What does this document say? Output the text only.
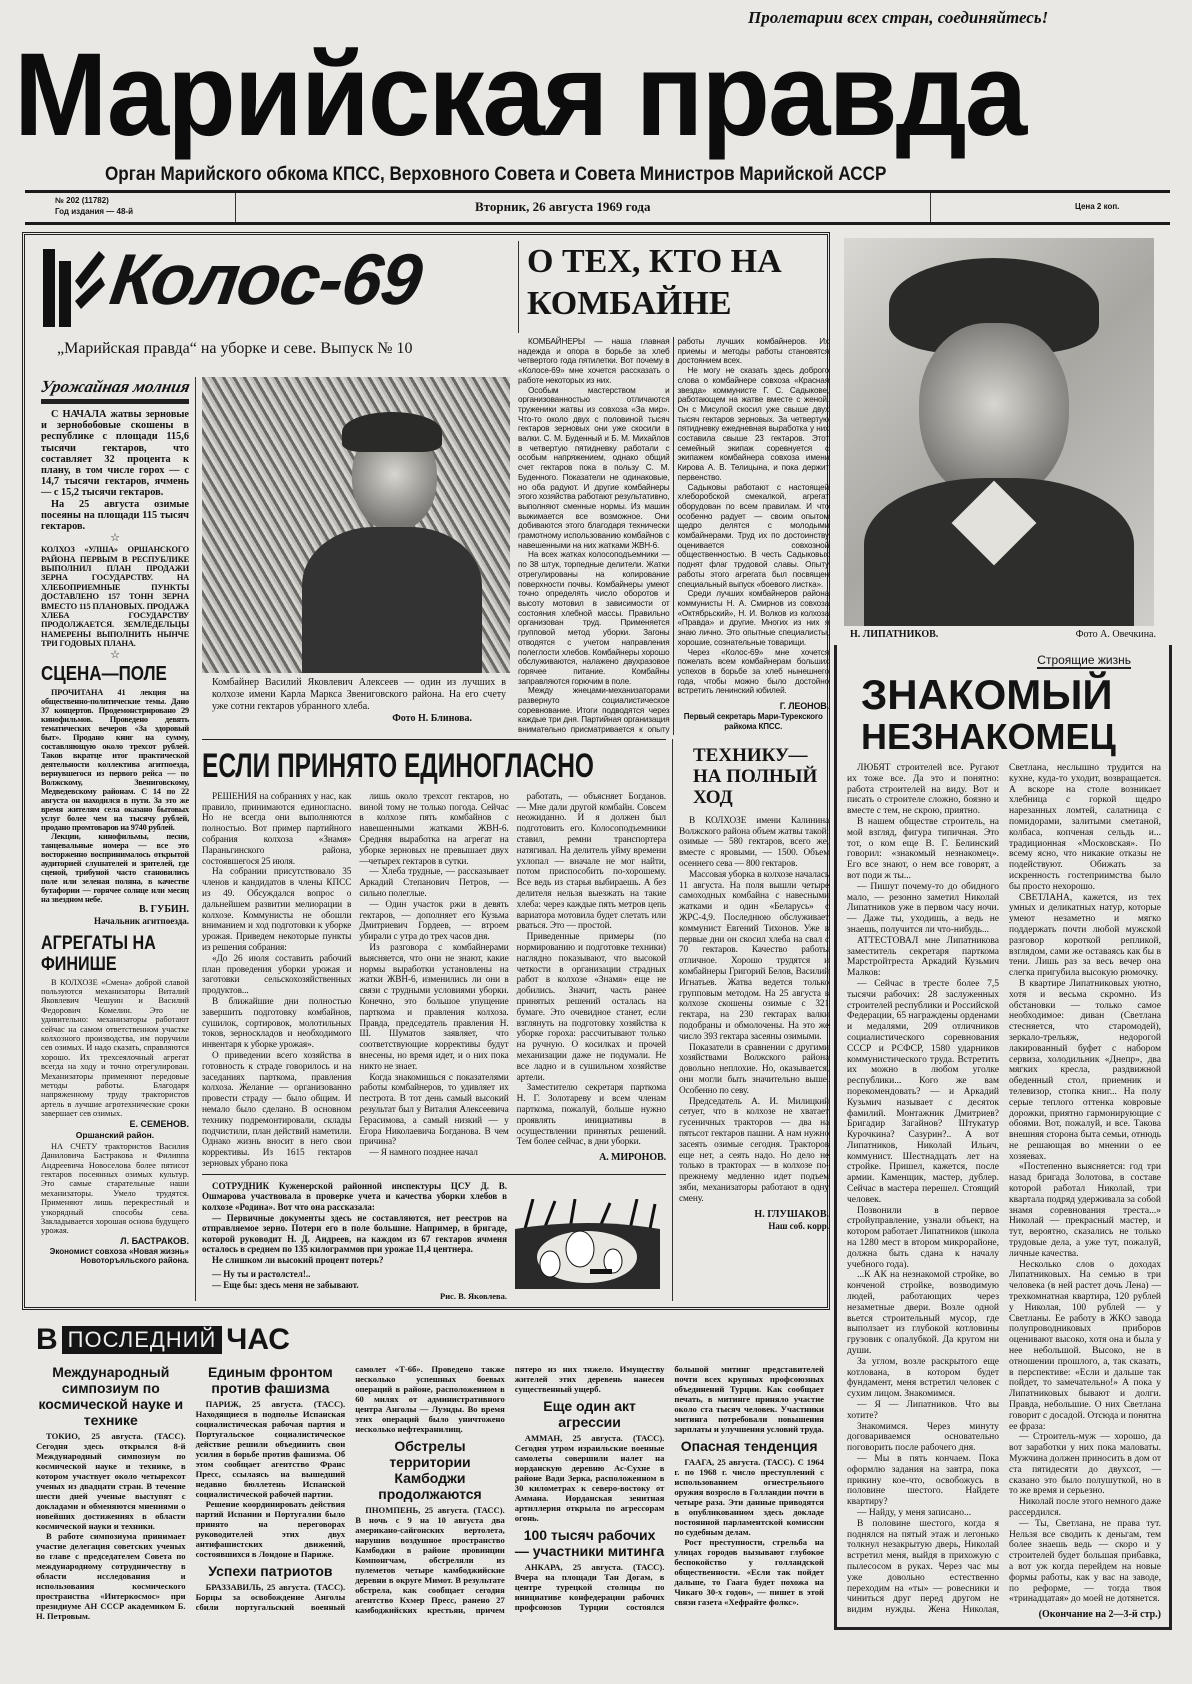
Пролетарии всех стран, соединяйтесь!
Марийская правда
Орган Марийского обкома КПСС, Верховного Совета и Совета Министров Марийской АССР
№ 202 (11782)
Год издания — 48-й	Вторник, 26 августа 1969 года	Цена 2 коп.
Колос-69	О ТЕХ, КТО НА КОМБАЙНЕ
„Марийская правда“ на уборке и севе. Выпуск № 10	КОМБАЙНЕРЫ — наша главная надежда и опора в борьбе за хлеб четвертого года пятилетки. Вот почему в «Колосе-69» мне хочется рассказать о работе некоторых из них.

Особым мастерством и организованностью отличаются труженики жатвы из совхоза «За мир». Что-то около двух с половиной тысяч гектаров зерновых они уже скосили в валки. С. М. Буденный и Б. М. Михайлов в четвертую пятидневку работали с особым напряжением, однако общий счет гектаров пока в пользу С. М. Буденного. Показатели не одинаковые, но оба радуют. И другие комбайнеры этого хозяйства работают результативно, выполняют сменные нормы. Из машин выжимается все возможное. Они добиваются этого благодаря технически грамотному использованию комбайнов с навешенными на них жатками ЖВН-6.

На всех жатках колосоподъемники — по 38 штук, торпедные делители. Жатки отрегулированы на копирование поверхности почвы. Комбайнеры умеют точно определять число оборотов и высоту мотовил в зависимости от состояния хлебной массы. Правильно организован труд. Применяется групповой метод уборки. Загоны отводятся с учетом направления полеглости хлебов. Комбайнеры хорошо обслуживаются, налажено двухразовое горячее питание. Комбайны заправляются горючим в поле.

Между жнецами-механизаторами развернуто социалистическое соревнование. Итоги подводятся через каждые три дня. Партийная организация внимательно присматривается к опыту работы лучших комбайнеров. Их приемы и методы работы становятся достоянием всех.

Не могу не сказать здесь доброго слова о комбайнере совхоза «Красная звезда» коммунисте Г. С. Садыкове, работающем на жатве вместе с женой. Он с Мисулой скосил уже свыше двух тысяч гектаров зерновых. За четвертую пятидневку ежедневная выработка у них составила свыше 23 гектаров. Этот семейный экипаж соревнуется с экипажем комбайнера совхоза имени Кирова А. В. Телицына, и пока держит первенство.

Садыковы работают с настоящей хлеборобской смекалкой, агрегат оборудован по всем правилам. И что особенно радует — своим опытом щедро делятся с молодыми комбайнерами. Труд их по достоинству оценивается совхозной общественностью. В честь Садыковых поднят флаг трудовой славы. Опыту работы этого агрегата был посвящен специальный выпуск «боевого листка».

Среди лучших комбайнеров района коммунисты Н. А. Смирнов из совхоза «Октябрьский», Н. И. Волков из колхоза «Правда» и другие. Многих из них я знаю лично. Это опытные специалисты, хорошие, сознательные товарищи.

Через «Колос-69» мне хочется пожелать всем комбайнерам больших успехов в борьбе за хлеб нынешнего года, чтобы можно было достойно встретить ленинский юбилей.

Г. ЛЕОНОВ.
Первый секретарь Мари-Турекского райкома КПСС.
Урожайная молния

С НАЧАЛА жатвы зерновые и зернобобовые скошены в республике с площади 115,6 тысячи гектаров, что составляет 32 процента к плану, в том числе горох — с 14,7 тысячи гектаров, ячмень — с 15,2 тысячи гектаров.

На 25 августа озимые посеяны на площади 115 тысяч гектаров.

☆
КОЛХОЗ «УЛША» ОРШАНСКОГО РАЙОНА ПЕРВЫМ В РЕСПУБЛИКЕ ВЫПОЛНИЛ ПЛАН ПРОДАЖИ ЗЕРНА ГОСУДАРСТВУ. НА ХЛЕБОПРИЕМНЫЕ ПУНКТЫ ДОСТАВЛЕНО 157 ТОНН ЗЕРНА ВМЕСТО 115 ПЛАНОВЫХ. ПРОДАЖА ХЛЕБА ГОСУДАРСТВУ ПРОДОЛЖАЕТСЯ. ЗЕМЛЕДЕЛЬЦЫ НАМЕРЕНЫ ВЫПОЛНИТЬ НЫНЧЕ ТРИ ГОДОВЫХ ПЛАНА.
☆
СЦЕНА—ПОЛЕ

ПРОЧИТАНА 41 лекция на общественно-политические темы. Дано 37 концертов. Продемонстрировано 29 кинофильмов. Проведено девять тематических вечеров «За здоровый быт». Продано книг на сумму, составляющую около трехсот рублей. Таков вкратце итог практической деятельности коллектива агитпоезда, вернувшегося из первого рейса — по Волжскому, Звениговскому, Медведевскому районам. С 14 по 22 августа он находился в пути. За это же время жителям села оказано бытовых услуг более чем на тысячу рублей, продано промтоваров на 9740 рублей.

Лекции, кинофильмы, песни, танцевальные номера — все это восторженно воспринималось открытой аудиторией слушателей и зрителей, где сценой, трибуной часто становились поле или зеленая поляна, в качестве бутафории — горячее солнце или месяц на звездном небе.

В. ГУБИН.
Начальник агитпоезда.
АГРЕГАТЫ НА ФИНИШЕ

В КОЛХОЗЕ «Смена» доброй славой пользуются механизаторы Виталий Яковлевич Чешуин и Василий Федорович Комелин. Это не удивительно: механизаторы работают сейчас на самом ответственном участке колхозного производства, им поручили сев озимых. И надо сказать, справляются хорошо. Их трехсеялочный агрегат всегда на ходу и точно отрегулирован. Механизаторы применяют передовые методы работы. Благодаря напряженному труду трактористов артель в лучшие агротехнические сроки завершает сев озимых.

Е. СЕМЕНОВ.
Оршанский район.

НА СЧЕТУ трактористов Василия Даниловича Бастракова и Филиппа Андреевича Новоселова более пятисот гектаров посеянных озимых культур. Это самые старательные наши механизаторы. Умело трудятся. Применяют лишь перекрестный и узкорядный способы сева. Закладывается хорошая основа будущего урожая.

Л. БАСТРАКОВ.
Экономист совхоза «Новая жизнь» Новоторъяльского района.
Комбайнер Василий Яковлевич Алексеев — один из лучших в колхозе имени Карла Маркса Звениговского района. На его счету уже сотни гектаров убранного хлеба.
Фото Н. Блинова.
ЕСЛИ ПРИНЯТО ЕДИНОГЛАСНО

РЕШЕНИЯ на собраниях у нас, как правило, принимаются единогласно. Но не всегда они выполняются полностью. Вот пример партийного собрания колхоза «Знамя» Параньгинского района, состоявшегося 25 июля.

На собрании присутствовало 35 членов и кандидатов в члены КПСС из 49. Обсуждался вопрос о дальнейшем развитии мелиорации в колхозе. Коммунисты не обошли вниманием и ход подготовки к уборке урожая. Приведем некоторые пункты из решения собрания:

«До 26 июля составить рабочий план проведения уборки урожая и заготовки сельскохозяйственных продуктов...

В ближайшие дни полностью завершить подготовку комбайнов, сушилок, сортировок, молотильных токов, зерноскладов и необходимого инвентаря к уборке урожая».

О приведении всего хозяйства в готовность к страде говорилось и на заседаниях парткома, правления колхоза. Желание — организованно провести страду — было общим. И немало было сделано. В основном технику подремонтировали, склады подчистили, план действий наметили. Однако жизнь вносит в него свои коррективы. Из 1615 гектаров зерновых убрано пока

лишь около трехсот гектаров, но виной тому не только погода. Сейчас в колхозе пять комбайнов с навешенными жатками ЖВН-6. Средняя выработка на агрегат на уборке зерновых не превышает двух—четырех гектаров в сутки.

— Хлеба трудные, — рассказывает Аркадий Степанович Петров, — сильно полеглые.

— Один участок ржи в девять гектаров, — дополняет его Кузьма Дмитриевич Гордеев, — втроем убирали с утра до трех часов дня.

Из разговора с комбайнерами выясняется, что они не знают, какие нормы выработки установлены на жатки ЖВН-6, изменились ли они в связи с трудными условиями уборки. Конечно, это большое упущение парткома и правления колхоза. Правда, председатель правления Н. Ш. Шуматов заявляет, что соответствующие коррективы будут внесены, но время идет, и о них пока никто не знает.

Когда знакомишься с показателями работы комбайнеров, то удивляет их пестрота. В тот день самый высокий результат был у Виталия Алексеевича Герасимова, а самый низкий — у Егора Николаевича Богданова. В чем причина?

— Я намного позднее начал

работать, — объясняет Богданов. — Мне дали другой комбайн. Совсем неожиданно. И я должен был подготовить его. Колосоподъемники ставил, ремни транспортера натягивал. На делитель уйму времени ухлопал — вначале не мог найти, потом приспособить по-хорошему. Все ведь из старья выбираешь. А без делителя нельзя выезжать на такие хлеба: через каждые пять метров цепь вариатора мотовила будет слетать или рваться. Это — простой.

Приведенные примеры (по нормированию и подготовке техники) наглядно показывают, что высокой четкости в организации страдных работ в колхозе «Знамя» еще не добились. Значит, часть ранее принятых решений осталась на бумаге. Это очевидное станет, если взглянуть на подготовку хозяйства к уборке гороха: рассчитывают только на ручную. О косилках и прочей механизации даже не подумали. Не все ладно и в сушильном хозяйстве артели.

Заместителю секретаря парткома Н. Г. Золотареву и всем членам парткома, пожалуй, больше нужно проявлять инициативы в осуществлении принятых решений. Тем более сейчас, в дни уборки.

А. МИРОНОВ.
ТЕХНИКУ— НА ПОЛНЫЙ ХОД

В КОЛХОЗЕ имени Калинина Волжского района объем жатвы такой: озимые — 580 гектаров, всего же, вместе с яровыми, — 1500. Объем осеннего сева — 800 гектаров.

Массовая уборка в колхозе началась 11 августа. На поля вышли четыре самоходных комбайна с навесными жатками и один «Беларусь» с ЖРС-4,9. Последнюю обслуживает коммунист Евгений Тихонов. Уже в первые дни он скосил хлеба на свал с 70 гектаров. Качество работы отличное. Хорошо трудятся и комбайнеры Григорий Белов, Василий Игнатьев. Жатва ведется только групповым методом. На 25 августа в колхозе скошены озимые с 321 гектара, на 230 гектарах валки подобраны и обмолочены. На это же число 393 гектара засеяны озимыми.

Показатели в сравнении с другими хозяйствами Волжского района довольно неплохие. Но, оказывается, они могли быть значительно выше. Особенно по севу.

Председатель А. И. Милицкий сетует, что в колхозе не хватает гусеничных тракторов — два на пятьсот гектаров пашни. А нам нужно засеять озимые сегодня. Тракторов еще нет, а сеять надо. Но дело не только в тракторах — в колхозе по-прежнему медленно идет подъем зяби, механизаторы работают в одну смену.

Н. ГЛУШАКОВ.
Наш соб. корр.

СОТРУДНИК Куженерской районной инспектуры ЦСУ Д. В. Ошмарова участвовала в проверке учета и качества уборки хлебов в колхозе «Родина». Вот что она рассказала:

— Первичные документы здесь не составляются, нет реестров на отправляемое зерно. Потери его в поле большие. Например, в бригаде, которой руководит Н. Д. Андреев, на каждом из 67 гектаров ячменя осталось в среднем по 135 килограммов при урожае 11,4 центнера.

Не слишком ли высокий процент потерь?

— Ну ты и растолстел!..
— Еще бы: здесь меня не забывают.
Рис. В. Яковлева.
В ПОСЛЕДНИЙ ЧАС
Международный симпозиум по космической науке и технике

ТОКИО, 25 августа. (ТАСС). Сегодня здесь открылся 8-й Международный симпозиум по космической науке и технике, в котором участвует около четырехсот ученых из двадцати стран. В течение шести дней ученые выступят с докладами и обменяются мнениями о новейших достижениях в области космической науки и техники.

В работе симпозиума принимает участие делегация советских ученых во главе с председателем Совета по международному сотрудничеству в области исследования и использования космического пространства «Интеркосмос» при президиуме АН СССР академиком Б. Н. Петровым.

Единым фронтом против фашизма

ПАРИЖ, 25 августа. (ТАСС). Находящиеся в подполье Испанская социалистическая рабочая партия и Португальское социалистическое действие решили объединить свои усилия в борьбе против фашизма. Об этом сообщает агентство Франс Пресс, ссылаясь на вышедший недавно бюллетень Испанской социалистической рабочей партии.

Решение координировать действия партий Испании и Португалии было принято на переговорах руководителей этих двух антифашистских движений, состоявшихся в Лондоне и Париже.

Успехи патриотов

БРАЗЗАВИЛЬ, 25 августа. (ТАСС). Борцы за освобождение Анголы сбили португальский военный самолет «Т-6б». Проведено также несколько успешных боевых операций в районе, расположенном в 60 милях от административного центра Анголы — Луэнды. Во время этих операций было уничтожено несколько нефтехранилищ.

Обстрелы территории Камбоджи продолжаются

ПНОМПЕНЬ, 25 августа. (ТАСС). В ночь с 9 на 10 августа два американо-сайгонских вертолета, нарушив воздушное пространство Камбоджи в районе провинции Компонгчам, обстреляли из пулеметов четыре камбоджийские деревни в округе Мимот. В результате обстрела, как сообщает сегодня агентство Кхмер Пресс, ранено 27 камбоджийских крестьян, причем пятеро из них тяжело. Имуществу жителей этих деревень нанесен существенный ущерб.

Еще один акт агрессии

АММАН, 25 августа. (ТАСС). Сегодня утром израильские военные самолеты совершили налет на иорданскую деревню Ас-Сухне в районе Вади Зерка, расположенном в 30 километрах к северо-востоку от Аммана. Иорданская зенитная артиллерия открыла по агрессорам огонь.

100 тысяч рабочих — участники митинга

АНКАРА, 25 августа. (ТАСС). Вчера на площади Тан Догам, в центре турецкой столицы по инициативе конфедерации рабочих профсоюзов Турции состоялся большой митинг представителей почти всех крупных профсоюзных объединений Турции. Как сообщает печать, в митинге приняло участие около ста тысяч человек. Участники митинга потребовали повышения зарплаты и улучшения условий труда.

Опасная тенденция

ГААГА, 25 августа. (ТАСС). С 1964 г. по 1968 г. число преступлений с использованием огнестрельного оружия возросло в Голландии почти в четыре раза. Эти данные приводятся в опубликованном здесь докладе постоянной парламентской комиссии по судебным делам.

Рост преступности, стрельба на улицах городов вызывают глубокое беспокойство у голландской общественности. «Если так пойдет дальше, то Гаага будет похожа на Чикаго 30-х годов», — пишет в этой связи газета «Хефрайте фолкс».

Н. ЛИПАТНИКОВ.	Фото А. Овечкина.
Строящие жизнь
ЗНАКОМЫЙ
НЕЗНАКОМЕЦ

ЛЮБЯТ строителей все. Ругают их тоже все. Да это и понятно: работа строителей на виду. Вот и писать о строителе сложно, боязно и вместе с тем, не скрою, приятно.

В нашем обществе строитель, на мой взгляд, фигура типичная. Это тот, о ком еще В. Г. Белинский говорил: «знакомый незнакомец». Его все знают, о нем все говорят, а вот поди ж ты...

— Пишут почему-то до обидного мало, — резонно заметил Николай Липатников уже в первом часу ночи. — Даже ты, уходишь, а ведь не знаешь, получится ли что-нибудь...

АТТЕСТОВАЛ мне Липатникова заместитель секретаря парткома Марстройтреста Аркадий Кузьмич Малков:

— Сейчас в тресте более 7,5 тысячи рабочих: 28 заслуженных строителей республики и Российской Федерации, 65 награждены орденами и медалями, 209 отличников социалистического соревнования СССР и РСФСР, 1580 ударников коммунистического труда. Встретить их можно в любом уголке республики... Кого же вам порекомендовать? — и Аркадий Кузьмич называет с десяток фамилий. Монтажник Дмитриев? Бригадир Загайнов? Штукатур Курочкина? Сазурин?.. А вот Липатников, Николай Ильич, коммунист. Шестнадцать лет на стройке. Пришел, кажется, после армии. Каменщик, мастер, дублер. Сейчас в мастера перешел. Стоящий человек.

Позвонили в первое стройуправление, узнали объект, на котором работает Липатников (школа на 1280 мест в втором микрорайоне, должна быть сдана к началу учебного года).

...К АК на незнакомой стройке, во конченой стройке, возводимую людей, работающих через незаметные двери. Возле одной вьется строительный мусор, где выползает из глубокой котловины грузовик с опалубкой. Да кругом ни души.

За углом, возле раскрытого еще котлована, в котором будет фундамент, меня встретил человек с сухим лицом. Знакомимся.

— Я — Липатников. Что вы хотите?

Знакомимся. Через минуту договариваемся основательно поговорить после рабочего дня.

— Мы в пять кончаем. Пока оформлю задания на завтра, пока прикину кое-что, освобожусь в половине шестого. Найдете квартиру?

— Найду, у меня записано...

В половине шестого, когда я поднялся на пятый этаж и легонько толкнул незакрытую дверь, Николай встретил меня, выйдя в прихожую с пылесосом в руках. Через час мы уже довольно естественно переходим на «ты» — ровесники и чиниться друг перед другом не видим нужды. Жена Николая, Светлана, неслышно трудится на кухне, куда-то уходит, возвращается. А вскоре на столе возникает хлебница с горкой щедро нарезанных ломтей, салатница с помидорами, залитыми сметаной, колбаса, копченая сельдь и... традиционная «Московская». По всему ясно, что никакие отказы не подействуют. Обижать за искренность гостеприимства было бы просто нехорошо.

СВЕТЛАНА, кажется, из тех умных и деликатных натур, которые умеют незаметно и мягко поддержать почти любой мужской разговор короткой репликой, взглядом, сами же оставаясь как бы в тени. Лишь раз за весь вечер она слегка пригубила высокую рюмочку.

В квартире Липатниковых уютно, хотя и весьма скромно. Из обстановки — только самое необходимое: диван (Светлана стесняется, что старомодей), зеркало-трельяж, недорогой лакированный буфет с набором сервиза, холодильник «Днепр», два мягких кресла, раздвижной обеденный стол, приемник и телевизор, стопка книг... На полу серые теплого оттенка ковровые дорожки, приятно гармонирующие с обоями. Вот, пожалуй, и все. Такова внешняя сторона быта семьи, отнюдь не решающая во мнении о ее хозяевах.

«Постепенно выясняется: год три назад бригада Золотова, в составе которой работал Николай, три квартала подряд удерживала за собой знамя соревнования треста...» Николай — прекрасный мастер, и тут, вероятно, сказались не только трудовые дела, а уже тут, пожалуй, личные качества.

Несколько слов о доходах Липатниковых. На семью в три человека (в ней растет дочь Лена) — трехкомнатная квартира, 120 рублей у Николая, 100 рублей — у Светланы. Ее работу в ЖКО завода полупроводниковых приборов оценивают высоко, хотя она и была у нее небольшой. Высоко, не в отношении прошлого, а, так сказать, в перспективе: «Если и дальше так пойдет, то замечательно!» А пока у Липатниковых бывают и долги. Правда, небольшие. О них Светлана говорит с досадой. Отсюда и понятна ее фраза:

— Строитель-муж — хорошо, да вот заработки у них пока маловаты. Мужчина должен приносить в дом от ста пятидесяти до двухсот, — сказано это было полушуткой, но в то же время и серьезно.

Николай после этого немного даже рассердился.

— Ты, Светлана, не права тут. Нельзя все сводить к деньгам, тем более знаешь ведь — скоро и у строителей будет большая прибавка, а вот уж когда перейдем на новые формы работы, как у вас на заводе, по реформе, — тогда твоя «тринадцатая» до моей не дотянется.

(Окончание на 2—3-й стр.)
